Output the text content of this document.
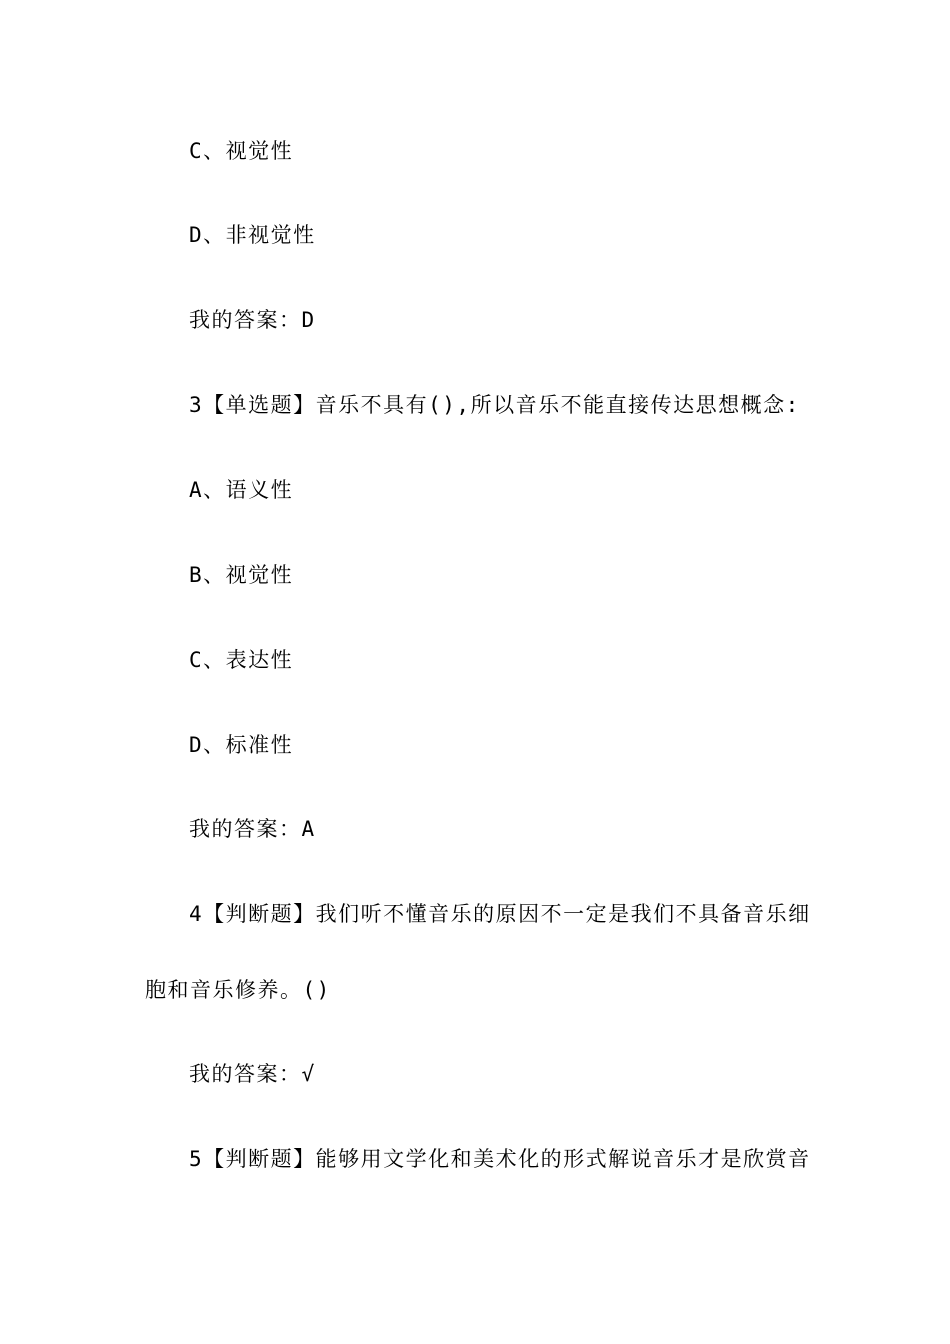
C、视觉性
D、非视觉性
我的答案：D
3【单选题】音乐不具有(),所以音乐不能直接传达思想概念:
A、语义性
B、视觉性
C、表达性
D、标准性
我的答案：A
4【判断题】我们听不懂音乐的原因不一定是我们不具备音乐细
胞和音乐修养。()
我的答案：√
5【判断题】能够用文学化和美术化的形式解说音乐才是欣赏音
